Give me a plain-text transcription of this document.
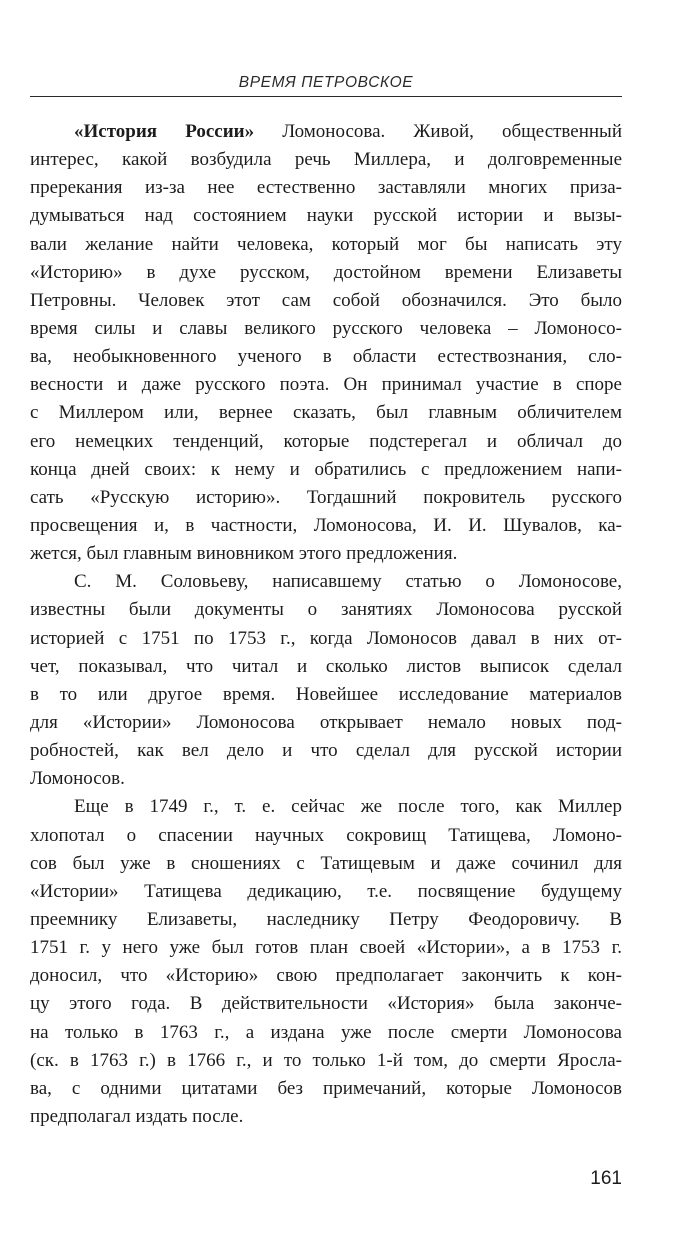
ВРЕМЯ ПЕТРОВСКОЕ
«История России» Ломоносова. Живой, общественный
интерес, какой возбудила речь Миллера, и долговременные
пререкания из-за нее естественно заставляли многих приза-
думываться над состоянием науки русской истории и вызы-
вали желание найти человека, который мог бы написать эту
«Историю» в духе русском, достойном времени Елизаветы
Петровны. Человек этот сам собой обозначился. Это было
время силы и славы великого русского человека – Ломоносо-
ва, необыкновенного ученого в области естествознания, сло-
весности и даже русского поэта. Он принимал участие в споре
с Миллером или, вернее сказать, был главным обличителем
его немецких тенденций, которые подстерегал и обличал до
конца дней своих: к нему и обратились с предложением напи-
сать «Русскую историю». Тогдашний покровитель русского
просвещения и, в частности, Ломоносова, И. И. Шувалов, ка-
жется, был главным виновником этого предложения.
С. М. Соловьеву, написавшему статью о Ломоносове,
известны были документы о занятиях Ломоносова русской
историей с 1751 по 1753 г., когда Ломоносов давал в них от-
чет, показывал, что читал и сколько листов выписок сделал
в то или другое время. Новейшее исследование материалов
для «Истории» Ломоносова открывает немало новых под-
робностей, как вел дело и что сделал для русской истории
Ломоносов.
Еще в 1749 г., т. е. сейчас же после того, как Миллер
хлопотал о спасении научных сокровищ Татищева, Ломоно-
сов был уже в сношениях с Татищевым и даже сочинил для
«Истории» Татищева дедикацию, т.е. посвящение будущему
преемнику Елизаветы, наследнику Петру Феодоровичу. В
1751 г. у него уже был готов план своей «Истории», а в 1753 г.
доносил, что «Историю» свою предполагает закончить к кон-
цу этого года. В действительности «История» была законче-
на только в 1763 г., а издана уже после смерти Ломоносова
(ск. в 1763 г.) в 1766 г., и то только 1-й том, до смерти Яросла-
ва, с одними цитатами без примечаний, которые Ломоносов
предполагал издать после.
161
